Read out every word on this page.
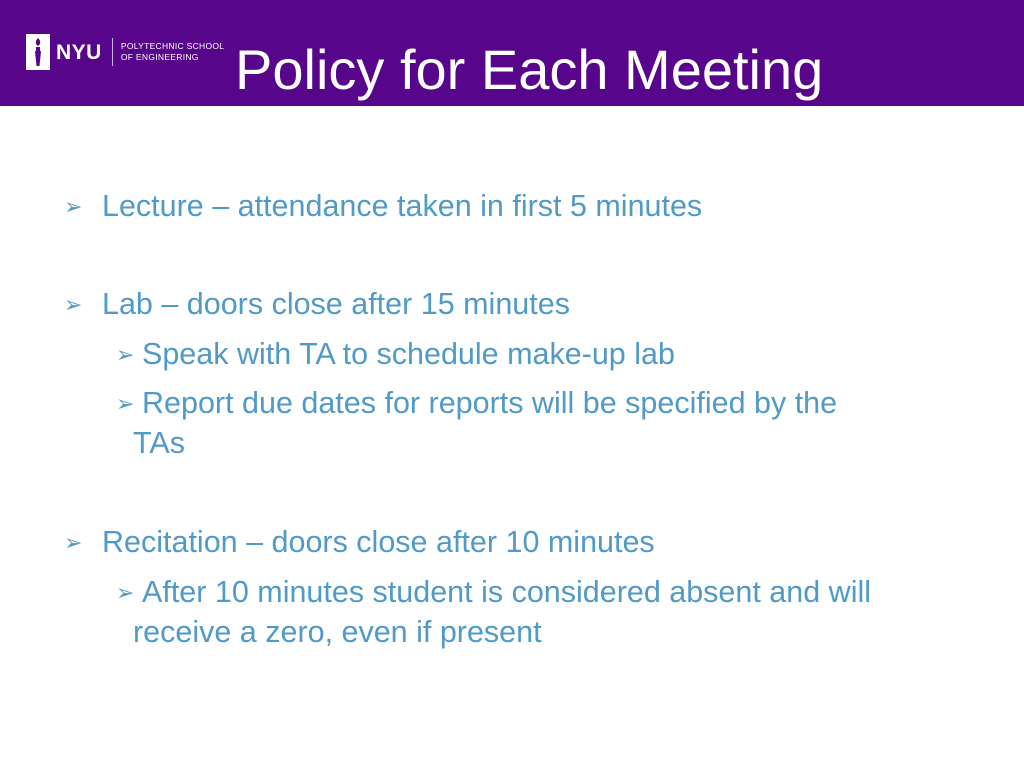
NYU POLYTECHNIC SCHOOL
OF ENGINEERING Policy for Each Meeting
➢ Lecture – attendance taken in first 5 minutes
➢ Lab – doors close after 15 minutes
➢ Speak with TA to schedule make-up lab
➢ Report due dates for reports will be specified by the
TAs
➢ Recitation – doors close after 10 minutes
➢ After 10 minutes student is considered absent and will
receive a zero, even if present
